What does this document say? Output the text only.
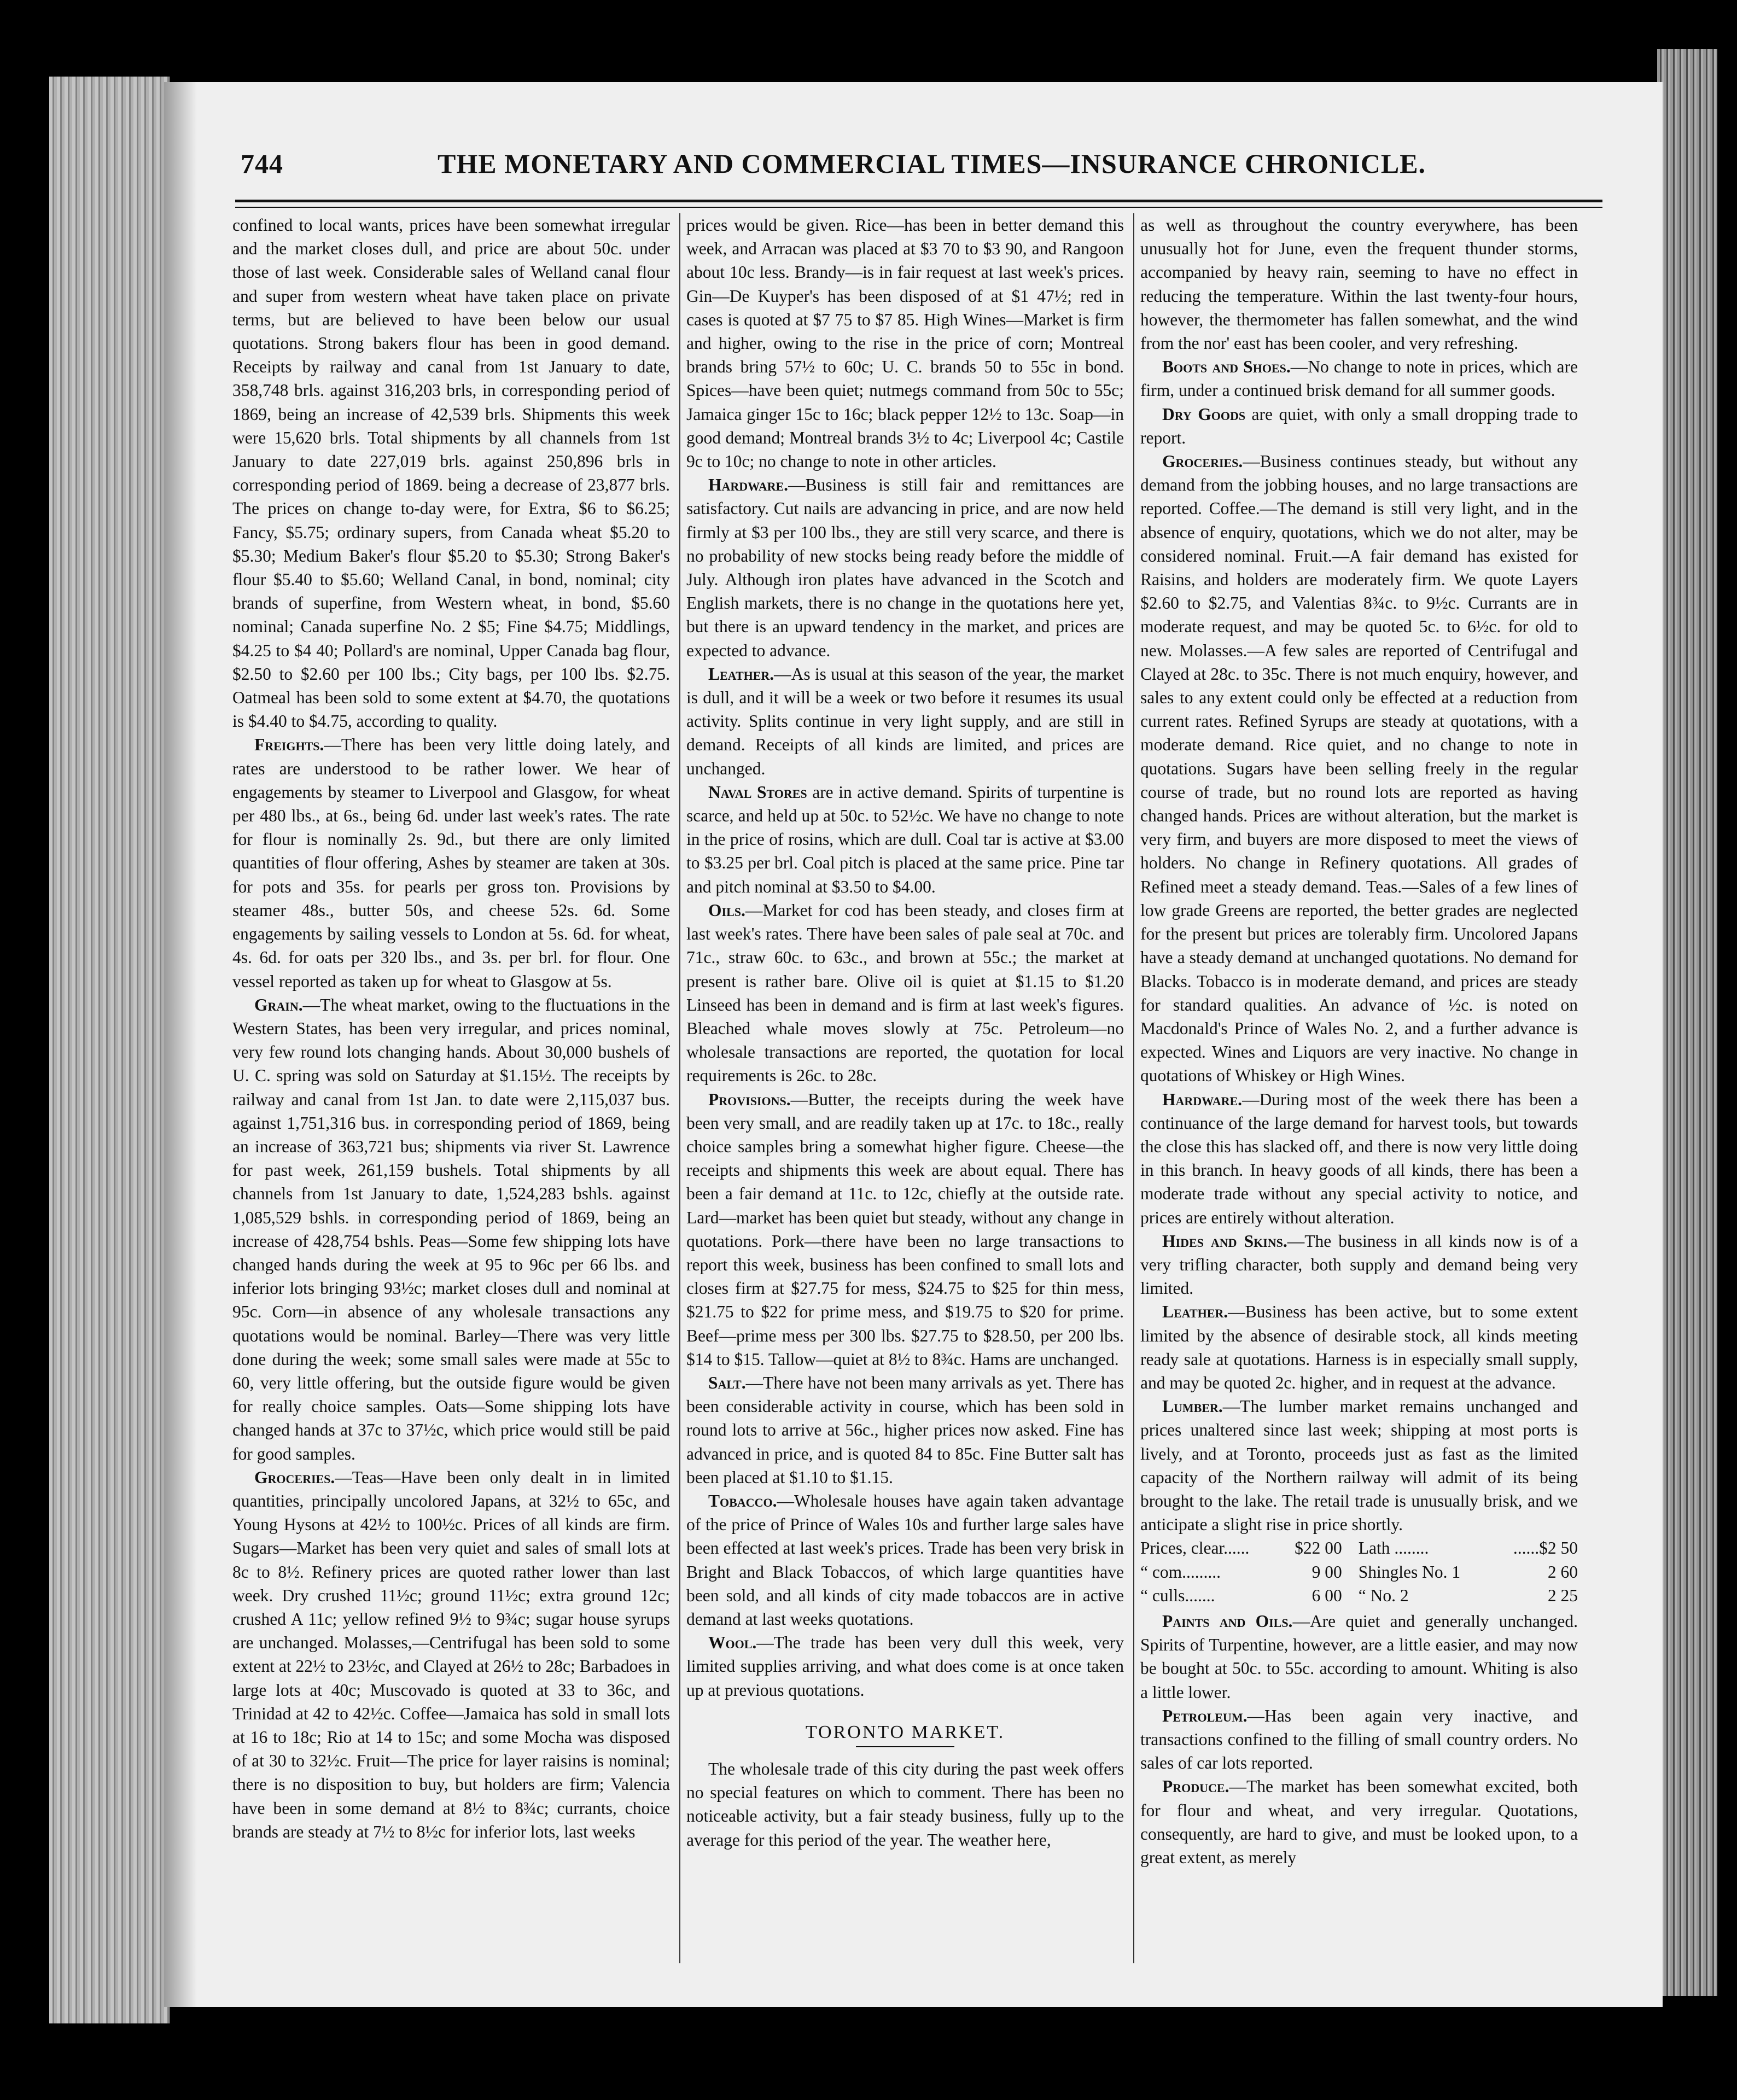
744	THE MONETARY AND COMMERCIAL TIMES—INSURANCE CHRONICLE.

confined to local wants, prices have been somewhat irregular and the market closes dull, and price are about 50c. under those of last week. Considerable sales of Welland canal flour and super from western wheat have taken place on private terms, but are believed to have been below our usual quotations. Strong bakers flour has been in good demand. Receipts by railway and canal from 1st January to date, 358,748 brls. against 316,203 brls, in corresponding period of 1869, being an increase of 42,539 brls. Shipments this week were 15,620 brls. Total shipments by all channels from 1st January to date 227,019 brls. against 250,896 brls in corresponding period of 1869. being a decrease of 23,877 brls. The prices on change to-day were, for Extra, $6 to $6.25; Fancy, $5.75; ordinary supers, from Canada wheat $5.20 to $5.30; Medium Baker's flour $5.20 to $5.30; Strong Baker's flour $5.40 to $5.60; Welland Canal, in bond, nominal; city brands of superfine, from Western wheat, in bond, $5.60 nominal; Canada superfine No. 2 $5; Fine $4.75; Middlings, $4.25 to $4 40; Pollard's are nominal, Upper Canada bag flour, $2.50 to $2.60 per 100 lbs.; City bags, per 100 lbs. $2.75. Oatmeal has been sold to some extent at $4.70, the quotations is $4.40 to $4.75, according to quality.

Freights.—There has been very little doing lately, and rates are understood to be rather lower. We hear of engagements by steamer to Liverpool and Glasgow, for wheat per 480 lbs., at 6s., being 6d. under last week's rates. The rate for flour is nominally 2s. 9d., but there are only limited quantities of flour offering, Ashes by steamer are taken at 30s. for pots and 35s. for pearls per gross ton. Provisions by steamer 48s., butter 50s, and cheese 52s. 6d. Some engagements by sailing vessels to London at 5s. 6d. for wheat, 4s. 6d. for oats per 320 lbs., and 3s. per brl. for flour. One vessel reported as taken up for wheat to Glasgow at 5s.

Grain.—The wheat market, owing to the fluctuations in the Western States, has been very irregular, and prices nominal, very few round lots changing hands. About 30,000 bushels of U. C. spring was sold on Saturday at $1.15½. The receipts by railway and canal from 1st Jan. to date were 2,115,037 bus. against 1,751,316 bus. in corresponding period of 1869, being an increase of 363,721 bus; shipments via river St. Lawrence for past week, 261,159 bushels. Total shipments by all channels from 1st January to date, 1,524,283 bshls. against 1,085,529 bshls. in corresponding period of 1869, being an increase of 428,754 bshls. Peas—Some few shipping lots have changed hands during the week at 95 to 96c per 66 lbs. and inferior lots bringing 93½c; market closes dull and nominal at 95c. Corn—in absence of any wholesale transactions any quotations would be nominal. Barley—There was very little done during the week; some small sales were made at 55c to 60, very little offering, but the outside figure would be given for really choice samples. Oats—Some shipping lots have changed hands at 37c to 37½c, which price would still be paid for good samples.

Groceries.—Teas—Have been only dealt in in limited quantities, principally uncolored Japans, at 32½ to 65c, and Young Hysons at 42½ to 100½c. Prices of all kinds are firm. Sugars—Market has been very quiet and sales of small lots at 8c to 8½. Refinery prices are quoted rather lower than last week. Dry crushed 11½c; ground 11½c; extra ground 12c; crushed A 11c; yellow refined 9½ to 9¾c; sugar house syrups are unchanged. Molasses,—Centrifugal has been sold to some extent at 22½ to 23½c, and Clayed at 26½ to 28c; Barbadoes in large lots at 40c; Muscovado is quoted at 33 to 36c, and Trinidad at 42 to 42½c. Coffee—Jamaica has sold in small lots at 16 to 18c; Rio at 14 to 15c; and some Mocha was disposed of at 30 to 32½c. Fruit—The price for layer raisins is nominal; there is no disposition to buy, but holders are firm; Valencia have been in some demand at 8½ to 8¾c; currants, choice brands are steady at 7½ to 8½c for inferior lots, last weeks

prices would be given. Rice—has been in better demand this week, and Arracan was placed at $3 70 to $3 90, and Rangoon about 10c less. Brandy—is in fair request at last week's prices. Gin—De Kuyper's has been disposed of at $1 47½; red in cases is quoted at $7 75 to $7 85. High Wines—Market is firm and higher, owing to the rise in the price of corn; Montreal brands bring 57½ to 60c; U. C. brands 50 to 55c in bond. Spices—have been quiet; nutmegs command from 50c to 55c; Jamaica ginger 15c to 16c; black pepper 12½ to 13c. Soap—in good demand; Montreal brands 3½ to 4c; Liverpool 4c; Castile 9c to 10c; no change to note in other articles.

Hardware.—Business is still fair and remittances are satisfactory. Cut nails are advancing in price, and are now held firmly at $3 per 100 lbs., they are still very scarce, and there is no probability of new stocks being ready before the middle of July. Although iron plates have advanced in the Scotch and English markets, there is no change in the quotations here yet, but there is an upward tendency in the market, and prices are expected to advance.

Leather.—As is usual at this season of the year, the market is dull, and it will be a week or two before it resumes its usual activity. Splits continue in very light supply, and are still in demand. Receipts of all kinds are limited, and prices are unchanged.

Naval Stores are in active demand. Spirits of turpentine is scarce, and held up at 50c. to 52½c. We have no change to note in the price of rosins, which are dull. Coal tar is active at $3.00 to $3.25 per brl. Coal pitch is placed at the same price. Pine tar and pitch nominal at $3.50 to $4.00.

Oils.—Market for cod has been steady, and closes firm at last week's rates. There have been sales of pale seal at 70c. and 71c., straw 60c. to 63c., and brown at 55c.; the market at present is rather bare. Olive oil is quiet at $1.15 to $1.20 Linseed has been in demand and is firm at last week's figures. Bleached whale moves slowly at 75c. Petroleum—no wholesale transactions are reported, the quotation for local requirements is 26c. to 28c.

Provisions.—Butter, the receipts during the week have been very small, and are readily taken up at 17c. to 18c., really choice samples bring a somewhat higher figure. Cheese—the receipts and shipments this week are about equal. There has been a fair demand at 11c. to 12c, chiefly at the outside rate. Lard—market has been quiet but steady, without any change in quotations. Pork—there have been no large transactions to report this week, business has been confined to small lots and closes firm at $27.75 for mess, $24.75 to $25 for thin mess, $21.75 to $22 for prime mess, and $19.75 to $20 for prime. Beef—prime mess per 300 lbs. $27.75 to $28.50, per 200 lbs. $14 to $15. Tallow—quiet at 8½ to 8¾c. Hams are unchanged.

Salt.—There have not been many arrivals as yet. There has been considerable activity in course, which has been sold in round lots to arrive at 56c., higher prices now asked. Fine has advanced in price, and is quoted 84 to 85c. Fine Butter salt has been placed at $1.10 to $1.15.

Tobacco.—Wholesale houses have again taken advantage of the price of Prince of Wales 10s and further large sales have been effected at last week's prices. Trade has been very brisk in Bright and Black Tobaccos, of which large quantities have been sold, and all kinds of city made tobaccos are in active demand at last weeks quotations.

Wool.—The trade has been very dull this week, very limited supplies arriving, and what does come is at once taken up at previous quotations.

TORONTO MARKET.

The wholesale trade of this city during the past week offers no special features on which to comment. There has been no noticeable activity, but a fair steady business, fully up to the average for this period of the year. The weather here,

as well as throughout the country everywhere, has been unusually hot for June, even the frequent thunder storms, accompanied by heavy rain, seeming to have no effect in reducing the temperature. Within the last twenty-four hours, however, the thermometer has fallen somewhat, and the wind from the nor' east has been cooler, and very refreshing.

Boots and Shoes.—No change to note in prices, which are firm, under a continued brisk demand for all summer goods.

Dry Goods are quiet, with only a small dropping trade to report.

Groceries.—Business continues steady, but without any demand from the jobbing houses, and no large transactions are reported. Coffee.—The demand is still very light, and in the absence of enquiry, quotations, which we do not alter, may be considered nominal. Fruit.—A fair demand has existed for Raisins, and holders are moderately firm. We quote Layers $2.60 to $2.75, and Valentias 8¾c. to 9½c. Currants are in moderate request, and may be quoted 5c. to 6½c. for old to new. Molasses.—A few sales are reported of Centrifugal and Clayed at 28c. to 35c. There is not much enquiry, however, and sales to any extent could only be effected at a reduction from current rates. Refined Syrups are steady at quotations, with a moderate demand. Rice quiet, and no change to note in quotations. Sugars have been selling freely in the regular course of trade, but no round lots are reported as having changed hands. Prices are without alteration, but the market is very firm, and buyers are more disposed to meet the views of holders. No change in Refinery quotations. All grades of Refined meet a steady demand. Teas.—Sales of a few lines of low grade Greens are reported, the better grades are neglected for the present but prices are tolerably firm. Uncolored Japans have a steady demand at unchanged quotations. No demand for Blacks. Tobacco is in moderate demand, and prices are steady for standard qualities. An advance of ½c. is noted on Macdonald's Prince of Wales No. 2, and a further advance is expected. Wines and Liquors are very inactive. No change in quotations of Whiskey or High Wines.

Hardware.—During most of the week there has been a continuance of the large demand for harvest tools, but towards the close this has slacked off, and there is now very little doing in this branch. In heavy goods of all kinds, there has been a moderate trade without any special activity to notice, and prices are entirely without alteration.

Hides and Skins.—The business in all kinds now is of a very trifling character, both supply and demand being very limited.

Leather.—Business has been active, but to some extent limited by the absence of desirable stock, all kinds meeting ready sale at quotations. Harness is in especially small supply, and may be quoted 2c. higher, and in request at the advance.

Lumber.—The lumber market remains unchanged and prices unaltered since last week; shipping at most ports is lively, and at Toronto, proceeds just as fast as the limited capacity of the Northern railway will admit of its being brought to the lake. The retail trade is unusually brisk, and we anticipate a slight rise in price shortly.

Prices, clear......	$22 00	Lath ........	......$2 50
“ com.........	9 00	Shingles No. 1	2 60
“ culls.......	6 00	“ No. 2	2 25

Paints and Oils.—Are quiet and generally unchanged. Spirits of Turpentine, however, are a little easier, and may now be bought at 50c. to 55c. according to amount. Whiting is also a little lower.

Petroleum.—Has been again very inactive, and transactions confined to the filling of small country orders. No sales of car lots reported.

Produce.—The market has been somewhat excited, both for flour and wheat, and very irregular. Quotations, consequently, are hard to give, and must be looked upon, to a great extent, as merely
